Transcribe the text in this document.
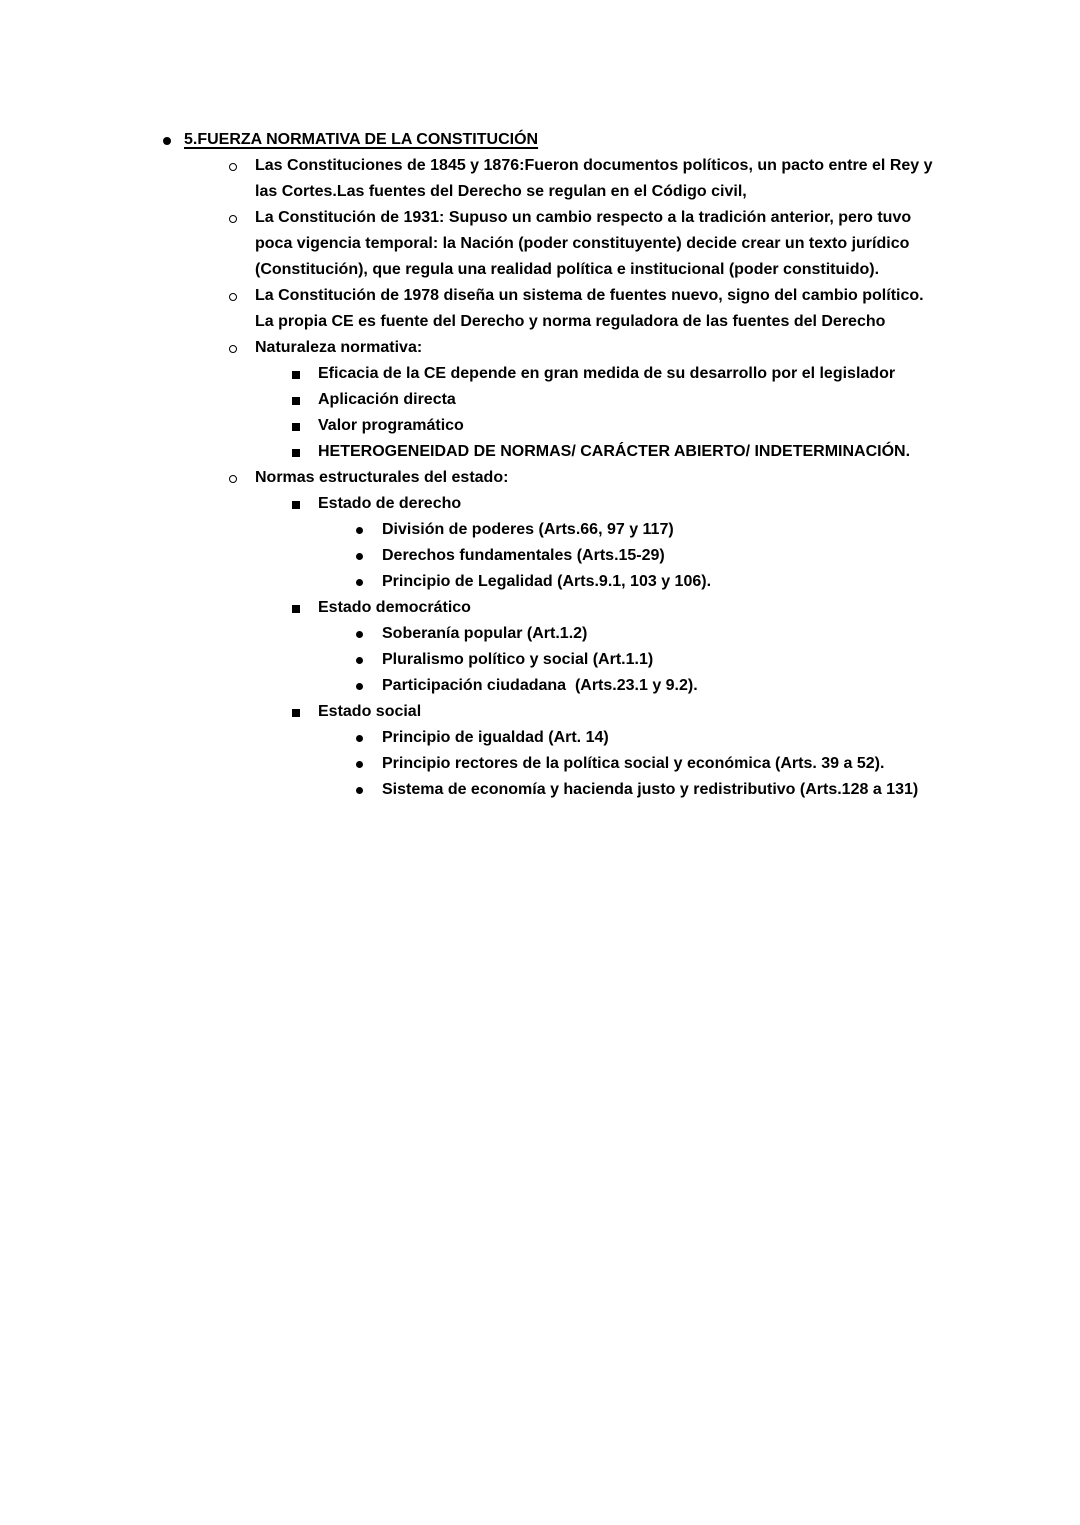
5.FUERZA NORMATIVA DE LA CONSTITUCIÓN
Las Constituciones de 1845 y 1876:Fueron documentos políticos, un pacto entre el Rey y las Cortes.Las fuentes del Derecho se regulan en el Código civil,
La Constitución de 1931: Supuso un cambio respecto a la tradición anterior, pero tuvo poca vigencia temporal: la Nación (poder constituyente) decide crear un texto jurídico (Constitución), que regula una realidad política e institucional (poder constituido).
La Constitución de 1978 diseña un sistema de fuentes nuevo, signo del cambio político. La propia CE es fuente del Derecho y norma reguladora de las fuentes del Derecho
Naturaleza normativa:
Eficacia de la CE depende en gran medida de su desarrollo por el legislador
Aplicación directa
Valor programático
HETEROGENEIDAD DE NORMAS/ CARÁCTER ABIERTO/ INDETERMINACIÓN.
Normas estructurales del estado:
Estado de derecho
División de poderes (Arts.66, 97 y 117)
Derechos fundamentales (Arts.15-29)
Principio de Legalidad (Arts.9.1, 103 y 106).
Estado democrático
Soberanía popular (Art.1.2)
Pluralismo político y social (Art.1.1)
Participación ciudadana  (Arts.23.1 y 9.2).
Estado social
Principio de igualdad (Art. 14)
Principio rectores de la política social y económica (Arts. 39 a 52).
Sistema de economía y hacienda justo y redistributivo (Arts.128 a 131)
